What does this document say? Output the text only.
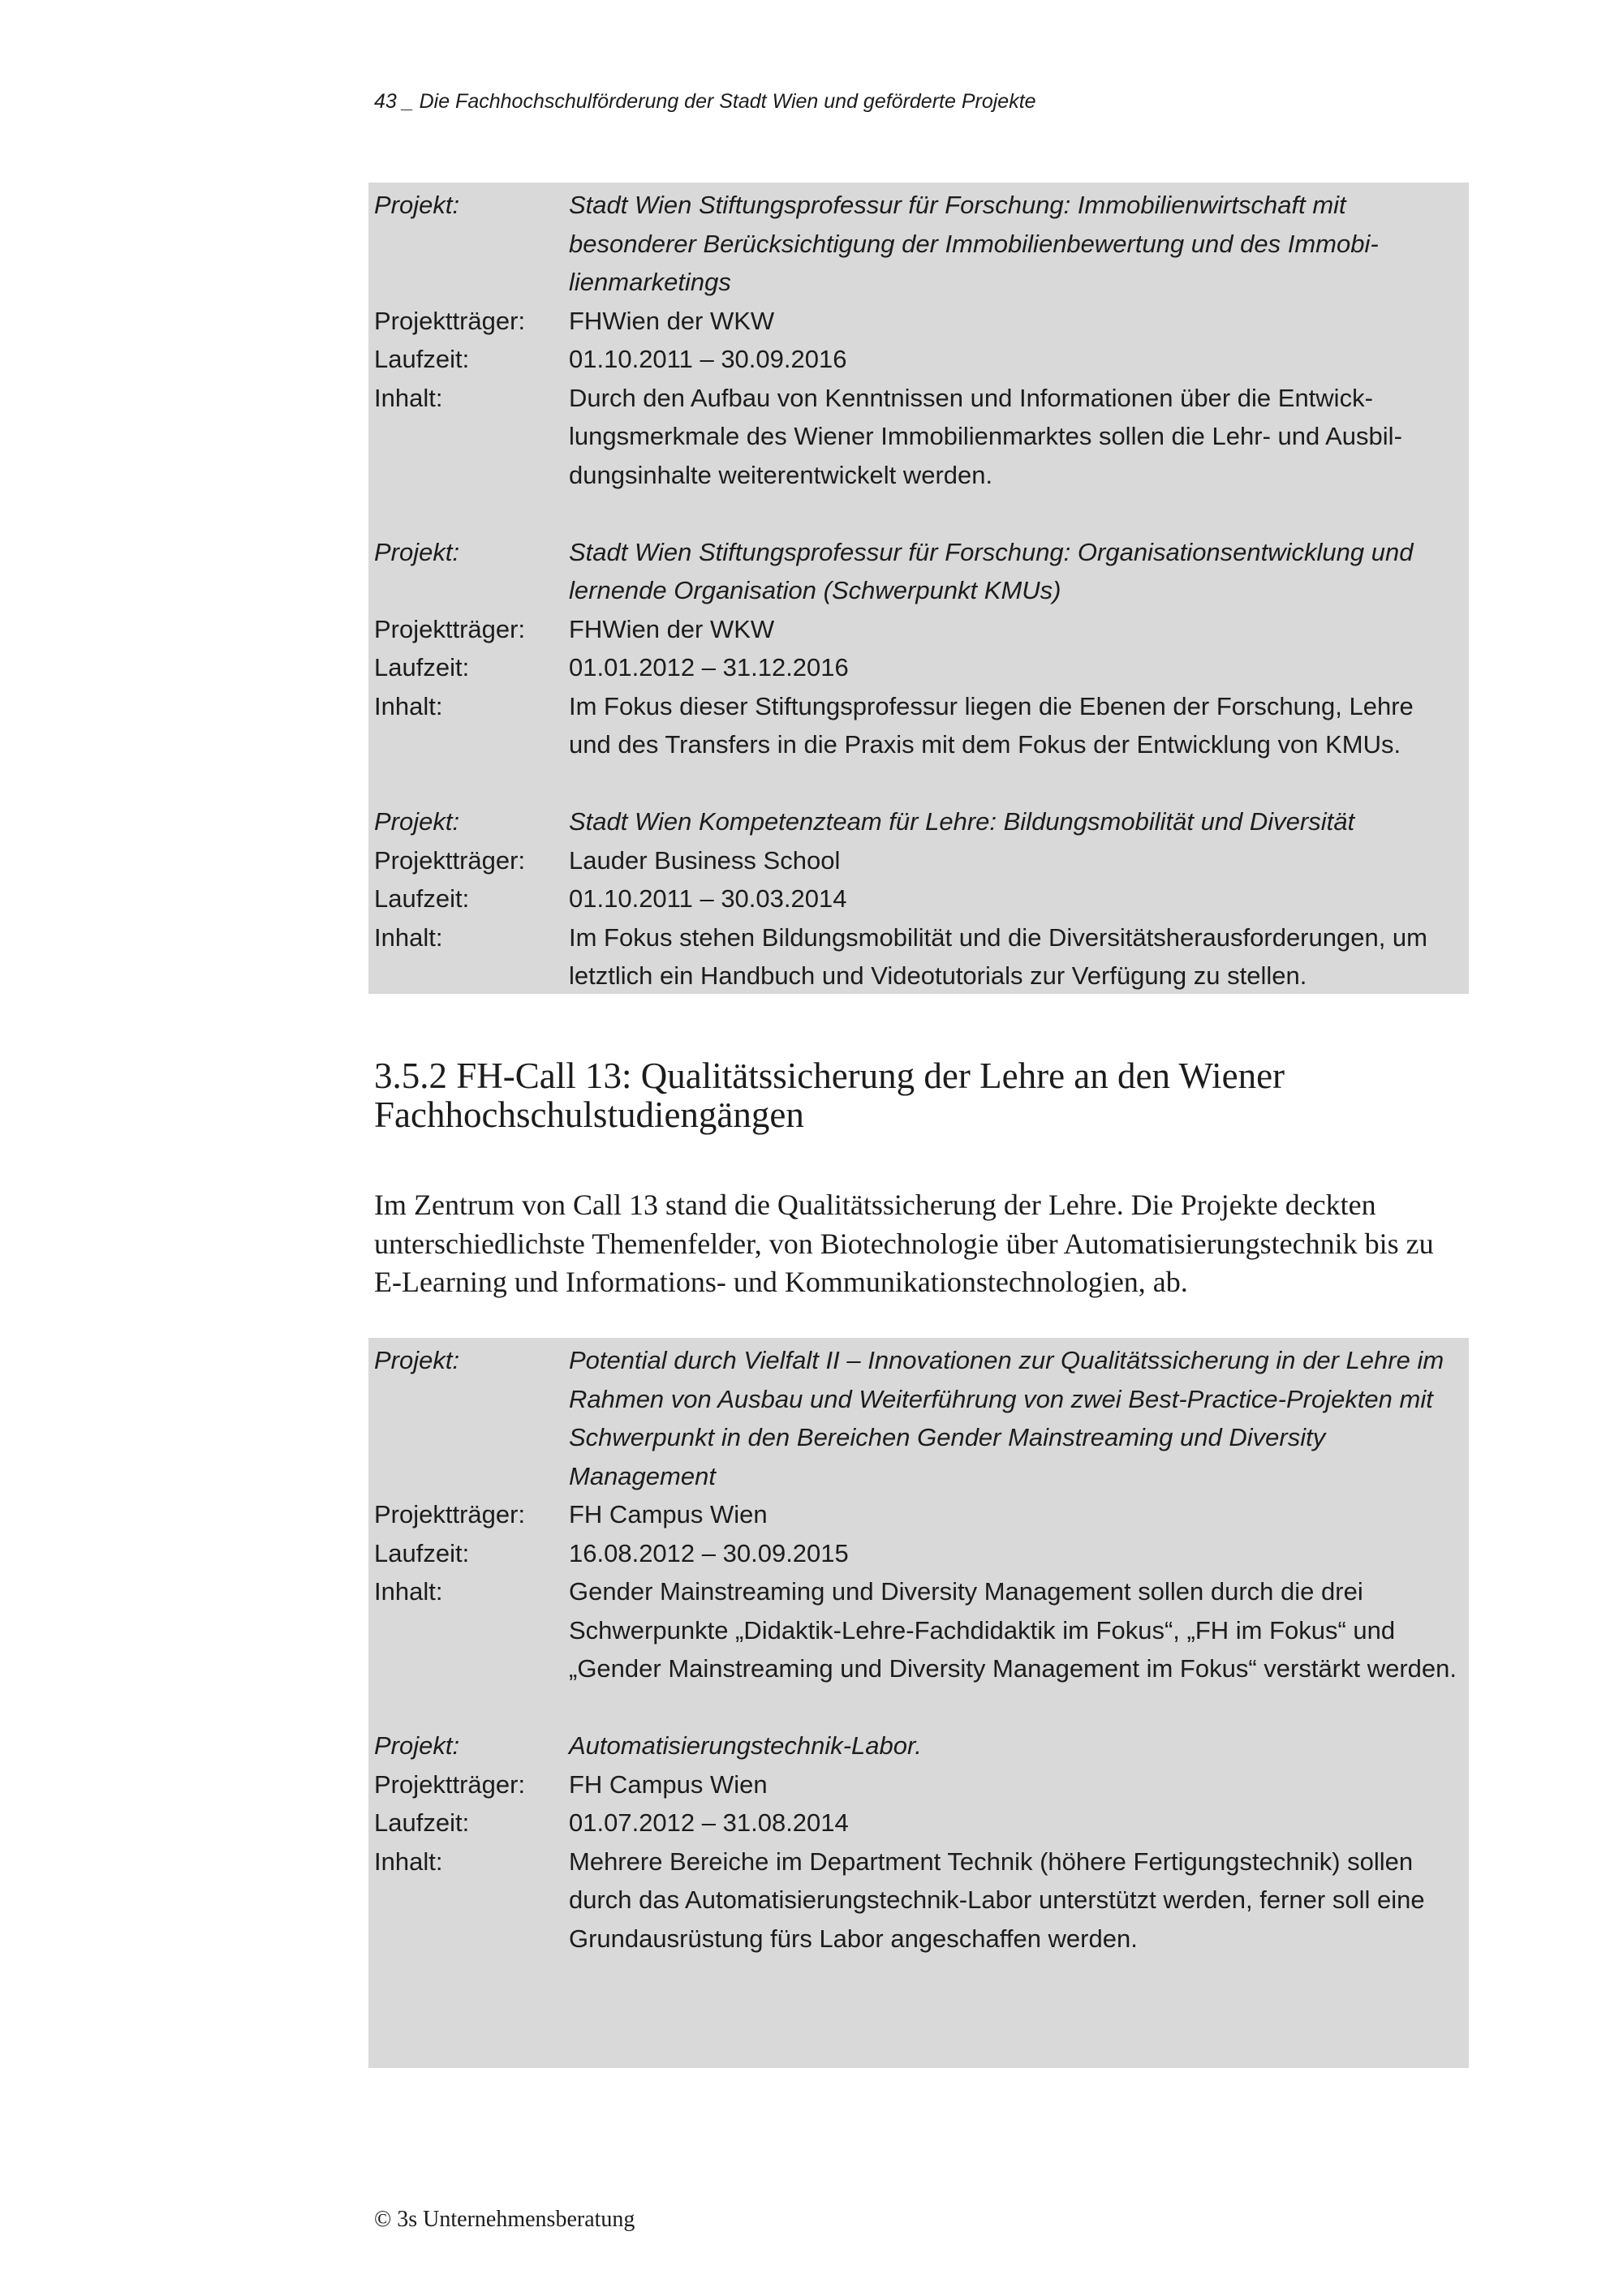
43 _ Die Fachhochschulförderung der Stadt Wien und geförderte Projekte
Projekt:	Stadt Wien Stiftungsprofessur für Forschung: Immobilienwirtschaft mit besonderer Berücksichtigung der Immobilienbewertung und des Immobilienmarketings
Projektträger:	FHWien der WKW
Laufzeit:	01.10.2011 – 30.09.2016
Inhalt:	Durch den Aufbau von Kenntnissen und Informationen über die Entwicklungsmerkmale des Wiener Immobilienmarktes sollen die Lehr- und Ausbildungsinhalte weiterentwickelt werden.
Projekt:	Stadt Wien Stiftungsprofessur für Forschung: Organisationsentwicklung und lernende Organisation (Schwerpunkt KMUs)
Projektträger:	FHWien der WKW
Laufzeit:	01.01.2012 – 31.12.2016
Inhalt:	Im Fokus dieser Stiftungsprofessur liegen die Ebenen der Forschung, Lehre und des Transfers in die Praxis mit dem Fokus der Entwicklung von KMUs.
Projekt:	Stadt Wien Kompetenzteam für Lehre: Bildungsmobilität und Diversität
Projektträger:	Lauder Business School
Laufzeit:	01.10.2011 – 30.03.2014
Inhalt:	Im Fokus stehen Bildungsmobilität und die Diversitätsherausforderungen, um letztlich ein Handbuch und Videotutorials zur Verfügung zu stellen.
3.5.2 FH-Call 13: Qualitätssicherung der Lehre an den Wiener Fachhochschulstudiengängen

Im Zentrum von Call 13 stand die Qualitätssicherung der Lehre. Die Projekte deckten unterschiedlichste Themenfelder, von Biotechnologie über Automatisierungstechnik bis zu E-Learning und Informations- und Kommunikationstechnologien, ab.

Projekt:	Potential durch Vielfalt II – Innovationen zur Qualitätssicherung in der Lehre im Rahmen von Ausbau und Weiterführung von zwei Best-Practice-Projekten mit Schwerpunkt in den Bereichen Gender Mainstreaming und Diversity Management
Projektträger:	FH Campus Wien
Laufzeit:	16.08.2012 – 30.09.2015
Inhalt:	Gender Mainstreaming und Diversity Management sollen durch die drei Schwerpunkte „Didaktik-Lehre-Fachdidaktik im Fokus“, „FH im Fokus“ und „Gender Mainstreaming und Diversity Management im Fokus“ verstärkt werden.
Projekt:	Automatisierungstechnik-Labor.
Projektträger:	FH Campus Wien
Laufzeit:	01.07.2012 – 31.08.2014
Inhalt:	Mehrere Bereiche im Department Technik (höhere Fertigungstechnik) sollen durch das Automatisierungstechnik-Labor unterstützt werden, ferner soll eine Grundausrüstung fürs Labor angeschaffen werden.
© 3s Unternehmensberatung
